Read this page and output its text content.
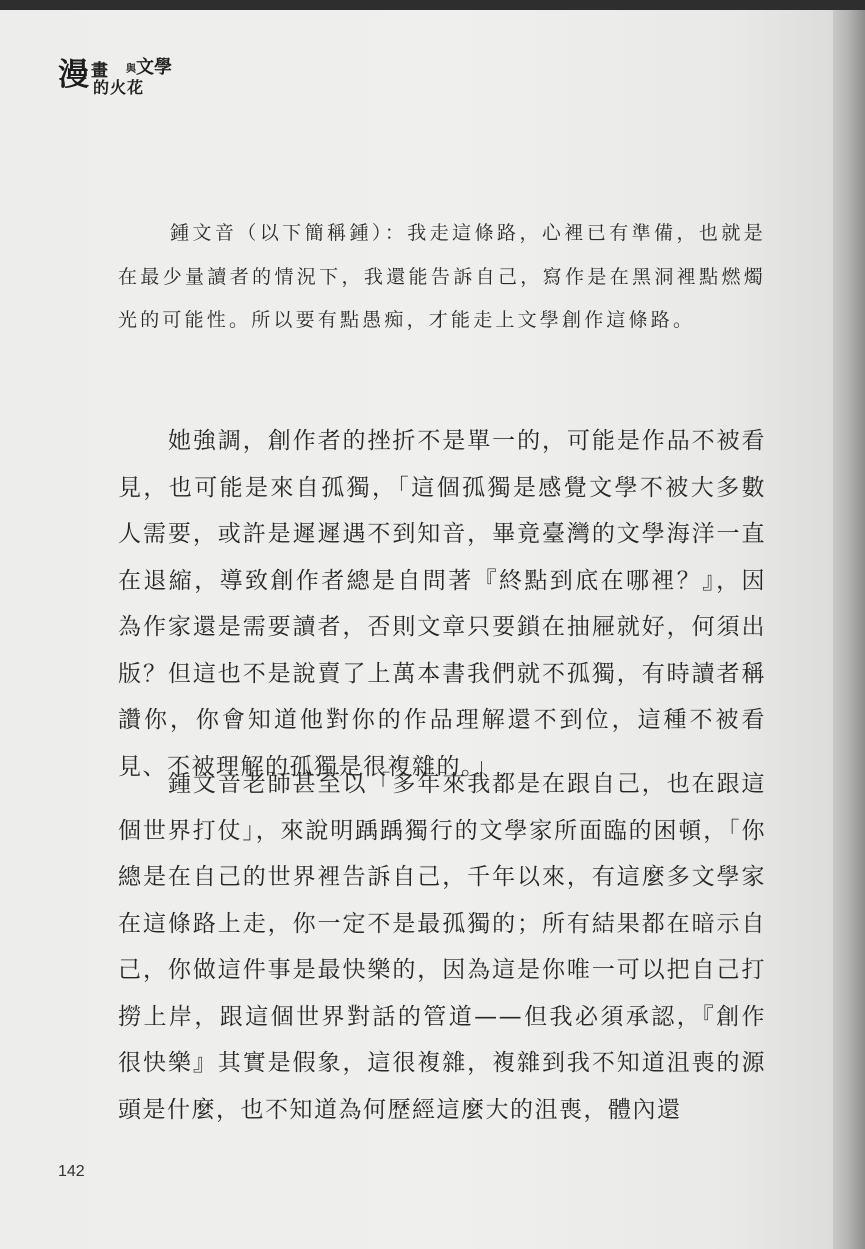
漫 畫 與 文學
的火花

鍾文音（以下簡稱鍾）：我走這條路，心裡已有準備，也就是在最少量讀者的情況下，我還能告訴自己，寫作是在黑洞裡點燃燭光的可能性。所以要有點愚痴，才能走上文學創作這條路。

她強調，創作者的挫折不是單一的，可能是作品不被看見，也可能是來自孤獨，「這個孤獨是感覺文學不被大多數人需要，或許是遲遲遇不到知音，畢竟臺灣的文學海洋一直在退縮，導致創作者總是自問著『終點到底在哪裡？』，因為作家還是需要讀者，否則文章只要鎖在抽屜就好，何須出版？但這也不是說賣了上萬本書我們就不孤獨，有時讀者稱讚你，你會知道他對你的作品理解還不到位，這種不被看見、不被理解的孤獨是很複雜的。」

鍾文音老師甚至以「多年來我都是在跟自己，也在跟這個世界打仗」，來說明踽踽獨行的文學家所面臨的困頓，「你總是在自己的世界裡告訴自己，千年以來，有這麼多文學家在這條路上走，你一定不是最孤獨的；所有結果都在暗示自己，你做這件事是最快樂的，因為這是你唯一可以把自己打撈上岸，跟這個世界對話的管道——但我必須承認，『創作很快樂』其實是假象，這很複雜，複雜到我不知道沮喪的源頭是什麼，也不知道為何歷經這麼大的沮喪，體內還

142
